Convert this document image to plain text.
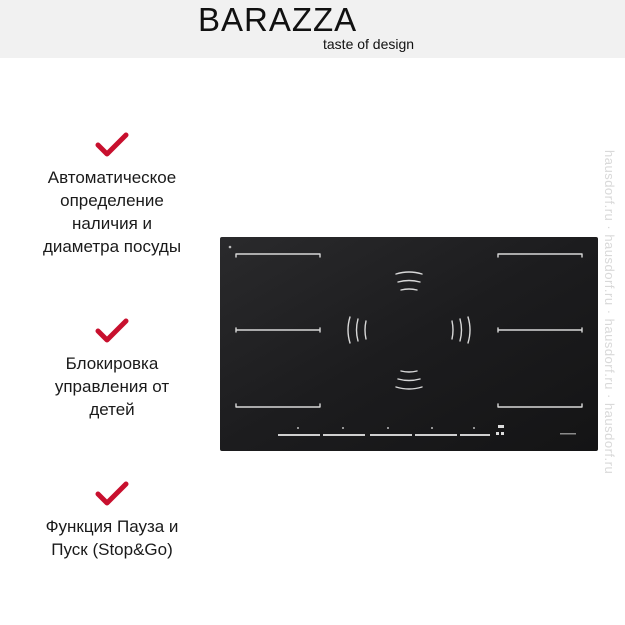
BARAZZA
taste of design
Автоматическое
определение
наличия и
диаметра посуды
Блокировка
управления от
детей
Функция Пауза и
Пуск (Stop&Go)
hausdorf.ru · hausdorf.ru · hausdorf.ru · hausdorf.ru
